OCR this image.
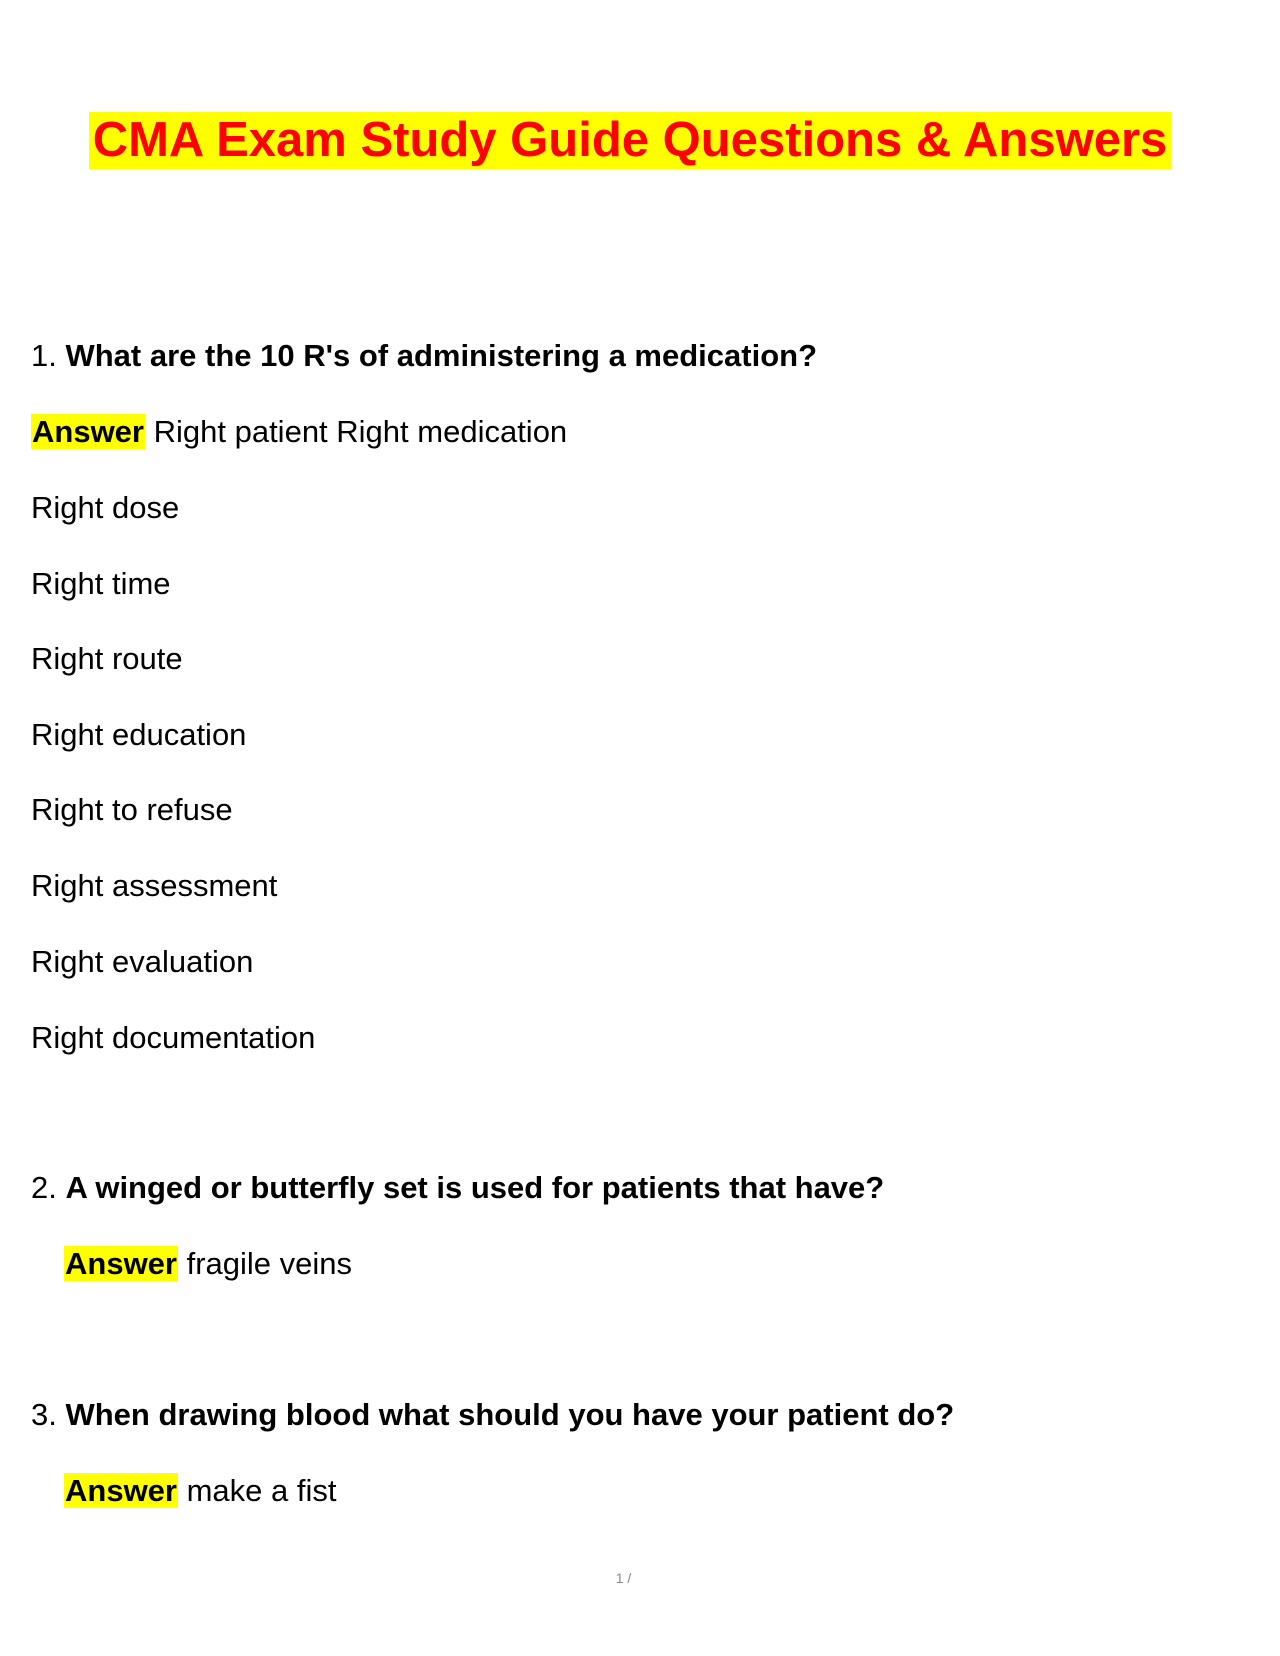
CMA Exam Study Guide Questions & Answers
1. What are the 10 R's of administering a medication?
Answer Right patient Right medication
Right dose
Right time
Right route
Right education
Right to refuse
Right assessment
Right evaluation
Right documentation
2. A winged or butterfly set is used for patients that have?
Answer fragile veins
3. When drawing blood what should you have your patient do?
Answer make a fist
1 /
